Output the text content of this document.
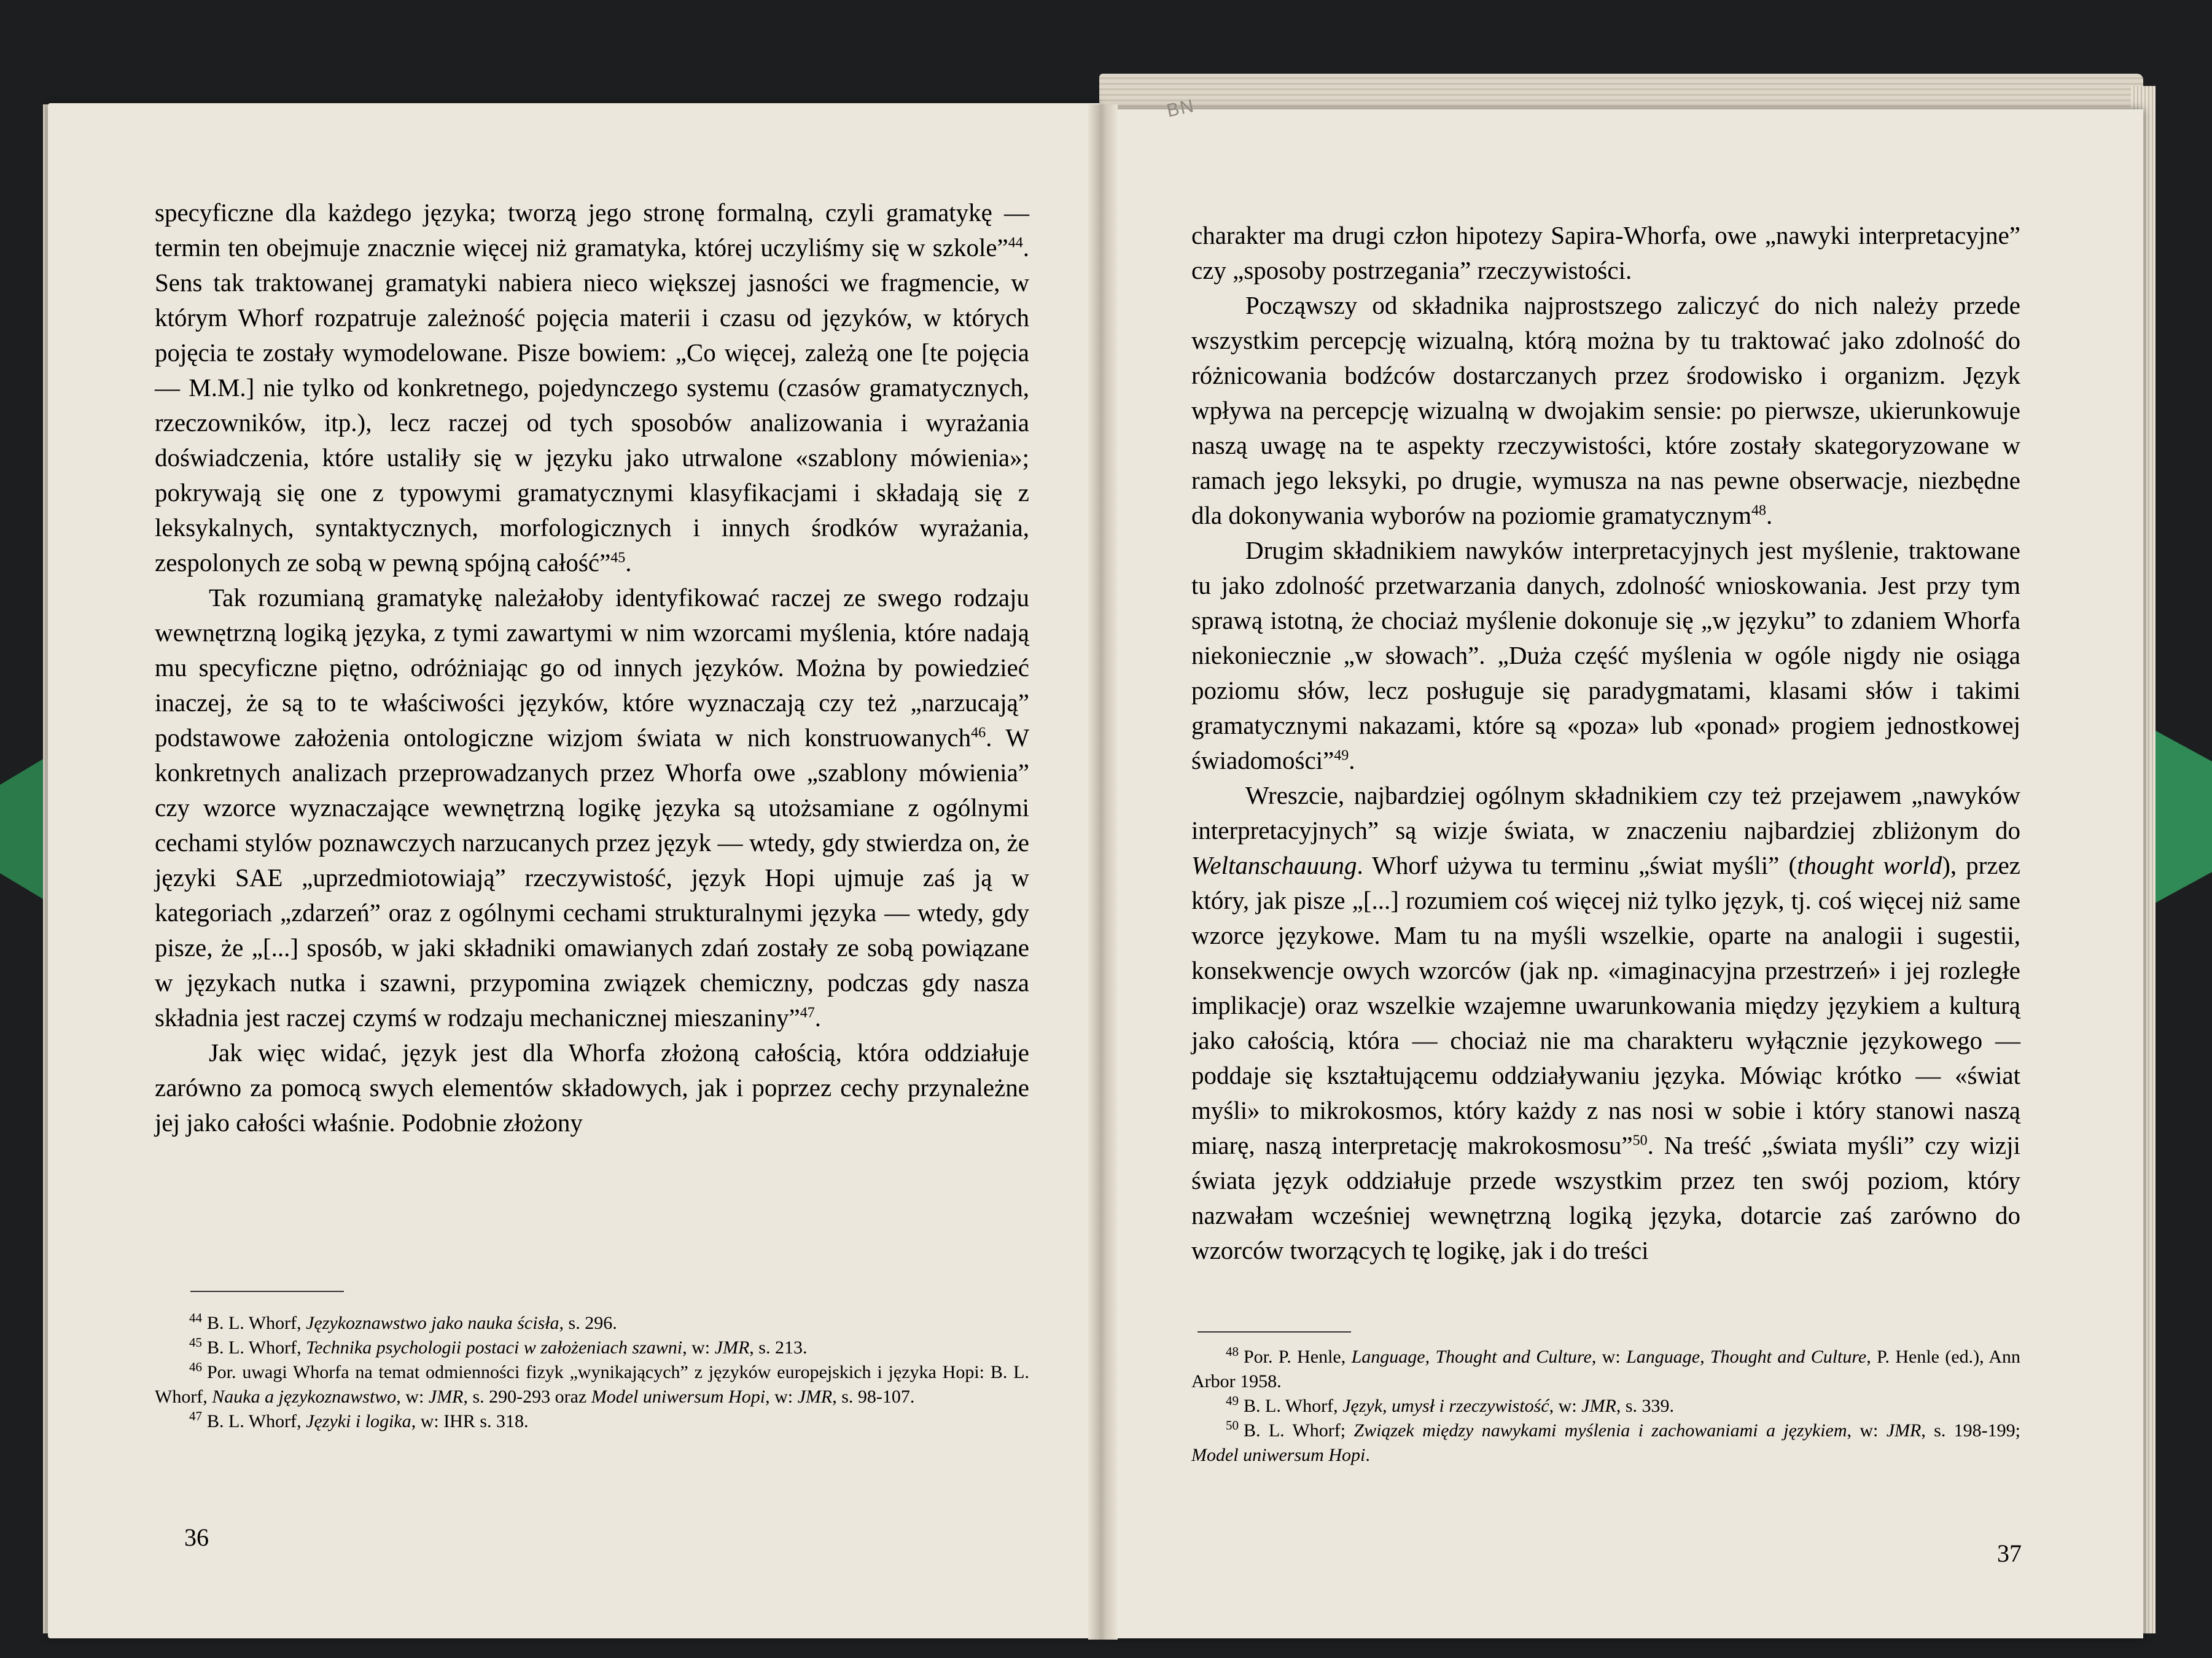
BN

specyficzne dla każdego języka; tworzą jego stronę formalną, czyli gramatykę — termin ten obejmuje znacznie więcej niż gramatyka, której uczyliśmy się w szkole”$^{44}$. Sens tak traktowanej gramatyki nabiera nieco większej jasności we fragmencie, w którym Whorf rozpatruje zależność pojęcia materii i czasu od języków, w których pojęcia te zostały wymodelowane. Pisze bowiem: „Co więcej, zależą one [te pojęcia — M.M.] nie tylko od konkretnego, pojedynczego systemu (czasów gramatycznych, rzeczowników, itp.), lecz raczej od tych sposobów analizowania i wyrażania doświadczenia, które ustaliły się w języku jako utrwalone «szablony mówienia»; pokrywają się one z typowymi gramatycznymi klasyfikacjami i składają się z leksykalnych, syntaktycznych, morfologicznych i innych środków wyrażania, zespolonych ze sobą w pewną spójną całość”$^{45}$.

Tak rozumianą gramatykę należałoby identyfikować raczej ze swego rodzaju wewnętrzną logiką języka, z tymi zawartymi w nim wzorcami myślenia, które nadają mu specyficzne piętno, odróżniając go od innych języków. Można by powiedzieć inaczej, że są to te właściwości języków, które wyznaczają czy też „narzucają” podstawowe założenia ontologiczne wizjom świata w nich konstruowanych$^{46}$. W konkretnych analizach przeprowadzanych przez Whorfa owe „szablony mówienia” czy wzorce wyznaczające wewnętrzną logikę języka są utożsamiane z ogólnymi cechami stylów poznawczych narzucanych przez język — wtedy, gdy stwierdza on, że języki SAE „uprzedmiotowiają” rzeczywistość, język Hopi ujmuje zaś ją w kategoriach „zdarzeń” oraz z ogólnymi cechami strukturalnymi języka — wtedy, gdy pisze, że „[...] sposób, w jaki składniki omawianych zdań zostały ze sobą powiązane w językach nutka i szawni, przypomina związek chemiczny, podczas gdy nasza składnia jest raczej czymś w rodzaju mechanicznej mieszaniny”$^{47}$.

Jak więc widać, język jest dla Whorfa złożoną całością, która oddziałuje zarówno za pomocą swych elementów składowych, jak i poprzez cechy przynależne jej jako całości właśnie. Podobnie złożony

$^{44}$ B. L. Whorf, Językoznawstwo jako nauka ścisła, s. 296.

$^{45}$ B. L. Whorf, Technika psychologii postaci w założeniach szawni, w: JMR, s. 213.

$^{46}$ Por. uwagi Whorfa na temat odmienności fizyk „wynikających” z języków europejskich i języka Hopi: B. L. Whorf, Nauka a językoznawstwo, w: JMR, s. 290-293 oraz Model uniwersum Hopi, w: JMR, s. 98-107.

$^{47}$ B. L. Whorf, Języki i logika, w: IHR s. 318.

36

charakter ma drugi człon hipotezy Sapira-Whorfa, owe „nawyki interpretacyjne” czy „sposoby postrzegania” rzeczywistości.

Począwszy od składnika najprostszego zaliczyć do nich należy przede wszystkim percepcję wizualną, którą można by tu traktować jako zdolność do różnicowania bodźców dostarczanych przez środowisko i organizm. Język wpływa na percepcję wizualną w dwojakim sensie: po pierwsze, ukierunkowuje naszą uwagę na te aspekty rzeczywistości, które zostały skategoryzowane w ramach jego leksyki, po drugie, wymusza na nas pewne obserwacje, niezbędne dla dokonywania wyborów na poziomie gramatycznym$^{48}$.

Drugim składnikiem nawyków interpretacyjnych jest myślenie, traktowane tu jako zdolność przetwarzania danych, zdolność wnioskowania. Jest przy tym sprawą istotną, że chociaż myślenie dokonuje się „w języku” to zdaniem Whorfa niekoniecznie „w słowach”. „Duża część myślenia w ogóle nigdy nie osiąga poziomu słów, lecz posługuje się paradygmatami, klasami słów i takimi gramatycznymi nakazami, które są «poza» lub «ponad» progiem jednostkowej świadomości”$^{49}$.

Wreszcie, najbardziej ogólnym składnikiem czy też przejawem „nawyków interpretacyjnych” są wizje świata, w znaczeniu najbardziej zbliżonym do Weltanschauung. Whorf używa tu terminu „świat myśli” (thought world), przez który, jak pisze „[...] rozumiem coś więcej niż tylko język, tj. coś więcej niż same wzorce językowe. Mam tu na myśli wszelkie, oparte na analogii i sugestii, konsekwencje owych wzorców (jak np. «imaginacyjna przestrzeń» i jej rozległe implikacje) oraz wszelkie wzajemne uwarunkowania między językiem a kulturą jako całością, która — chociaż nie ma charakteru wyłącznie językowego — poddaje się kształtującemu oddziaływaniu języka. Mówiąc krótko — «świat myśli» to mikrokosmos, który każdy z nas nosi w sobie i który stanowi naszą miarę, naszą interpretację makrokosmosu”$^{50}$. Na treść „świata myśli” czy wizji świata język oddziałuje przede wszystkim przez ten swój poziom, który nazwałam wcześniej wewnętrzną logiką języka, dotarcie zaś zarówno do wzorców tworzących tę logikę, jak i do treści

$^{48}$ Por. P. Henle, Language, Thought and Culture, w: Language, Thought and Culture, P. Henle (ed.), Ann Arbor 1958.

$^{49}$ B. L. Whorf, Język, umysł i rzeczywistość, w: JMR, s. 339.

$^{50}$ B. L. Whorf; Związek między nawykami myślenia i zachowaniami a językiem, w: JMR, s. 198-199; Model uniwersum Hopi.

37
